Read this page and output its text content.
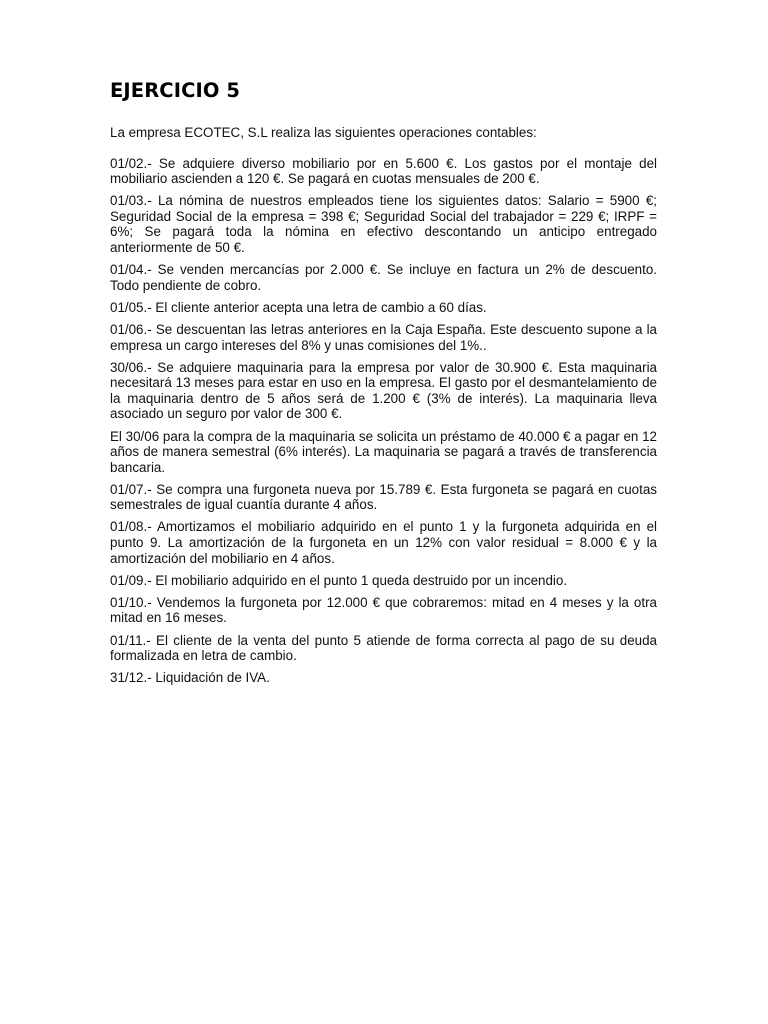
EJERCICIO 5

La empresa ECOTEC, S.L realiza las siguientes operaciones contables:

01/02.- Se adquiere diverso mobiliario por en 5.600 €. Los gastos por el montaje del mobiliario ascienden a 120 €. Se pagará en cuotas mensuales de 200 €.

01/03.- La nómina de nuestros empleados tiene los siguientes datos: Salario = 5900 €; Seguridad Social de la empresa = 398 €; Seguridad Social del trabajador = 229 €; IRPF = 6%; Se pagará toda la nómina en efectivo descontando un anticipo entregado anteriormente de 50 €.

01/04.- Se venden mercancías por 2.000 €. Se incluye en factura un 2% de descuento. Todo pendiente de cobro.

01/05.- El cliente anterior acepta una letra de cambio a 60 días.

01/06.- Se descuentan las letras anteriores en la Caja España. Este descuento supone a la empresa un cargo intereses del 8% y unas comisiones del 1%..

30/06.- Se adquiere maquinaria para la empresa por valor de 30.900 €. Esta maquinaria necesitará 13 meses para estar en uso en la empresa. El gasto por el desmantelamiento de la maquinaria dentro de 5 años será de 1.200 € (3% de interés). La maquinaria lleva asociado un seguro por valor de 300 €.

El 30/06 para la compra de la maquinaria se solicita un préstamo de 40.000 € a pagar en 12 años de manera semestral (6% interés). La maquinaria se pagará a través de transferencia bancaria.

01/07.- Se compra una furgoneta nueva por 15.789 €. Esta furgoneta se pagará en cuotas semestrales de igual cuantía durante 4 años.

01/08.- Amortizamos el mobiliario adquirido en el punto 1 y la furgoneta adquirida en el punto 9. La amortización de la furgoneta en un 12% con valor residual = 8.000 € y la amortización del mobiliario en 4 años.

01/09.- El mobiliario adquirido en el punto 1 queda destruido por un incendio.

01/10.- Vendemos la furgoneta por 12.000 € que cobraremos: mitad en 4 meses y la otra mitad en 16 meses.

01/11.- El cliente de la venta del punto 5 atiende de forma correcta al pago de su deuda formalizada en letra de cambio.

31/12.- Liquidación de IVA.
